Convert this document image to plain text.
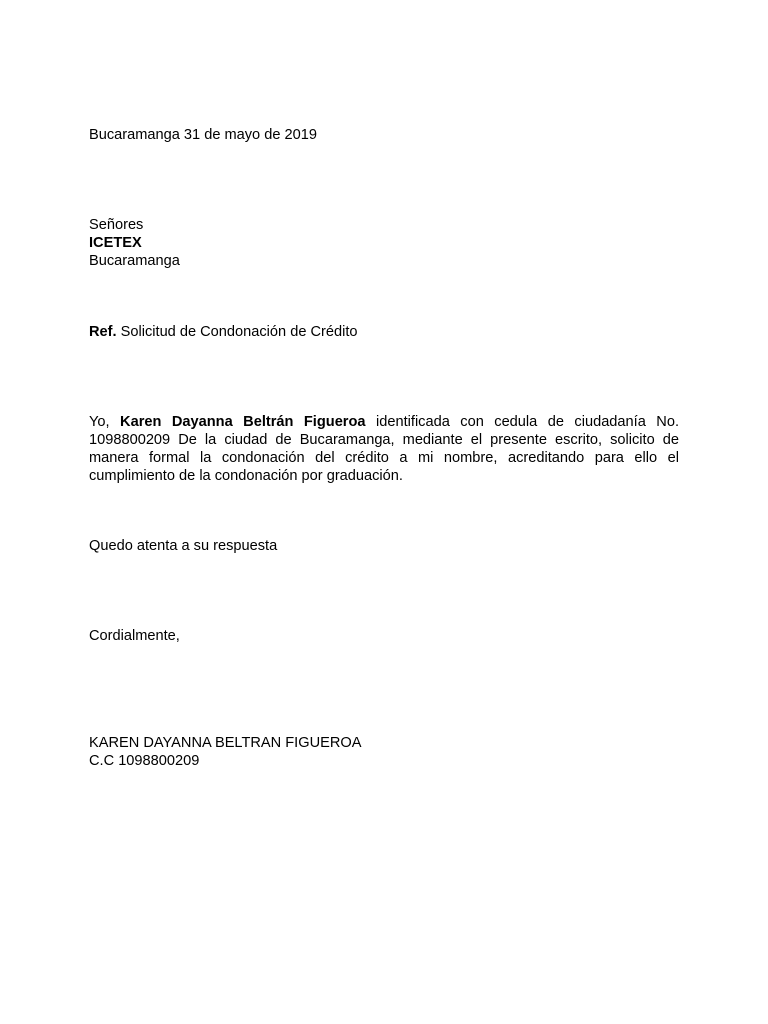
Bucaramanga 31 de mayo de 2019
Señores
ICETEX
Bucaramanga
Ref. Solicitud de Condonación de Crédito
Yo, Karen Dayanna Beltrán Figueroa identificada con cedula de ciudadanía No. 1098800209 De la ciudad de Bucaramanga, mediante el presente escrito, solicito de manera formal la condonación del crédito a mi nombre, acreditando para ello el cumplimiento de la condonación por graduación.
Quedo atenta a su respuesta
Cordialmente,
KAREN DAYANNA BELTRAN FIGUEROA
C.C 1098800209
